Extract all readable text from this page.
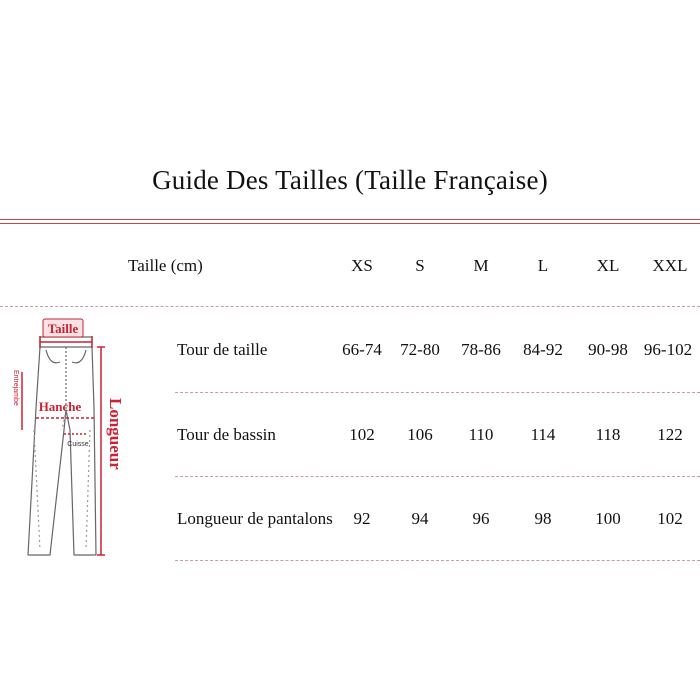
Guide Des Tailles (Taille Française)
Taille (cm)	XS S	M	L	XL XXL
Tour de taille	66-74 72-80 78-86 84-92 90-98 96-102
Tour de bassin	102 106 110 114 118 122
Longueur de pantalons 92 94	96	98	100 102
Taille
Hanche
Cuisse
Entrejambe
Longueur
